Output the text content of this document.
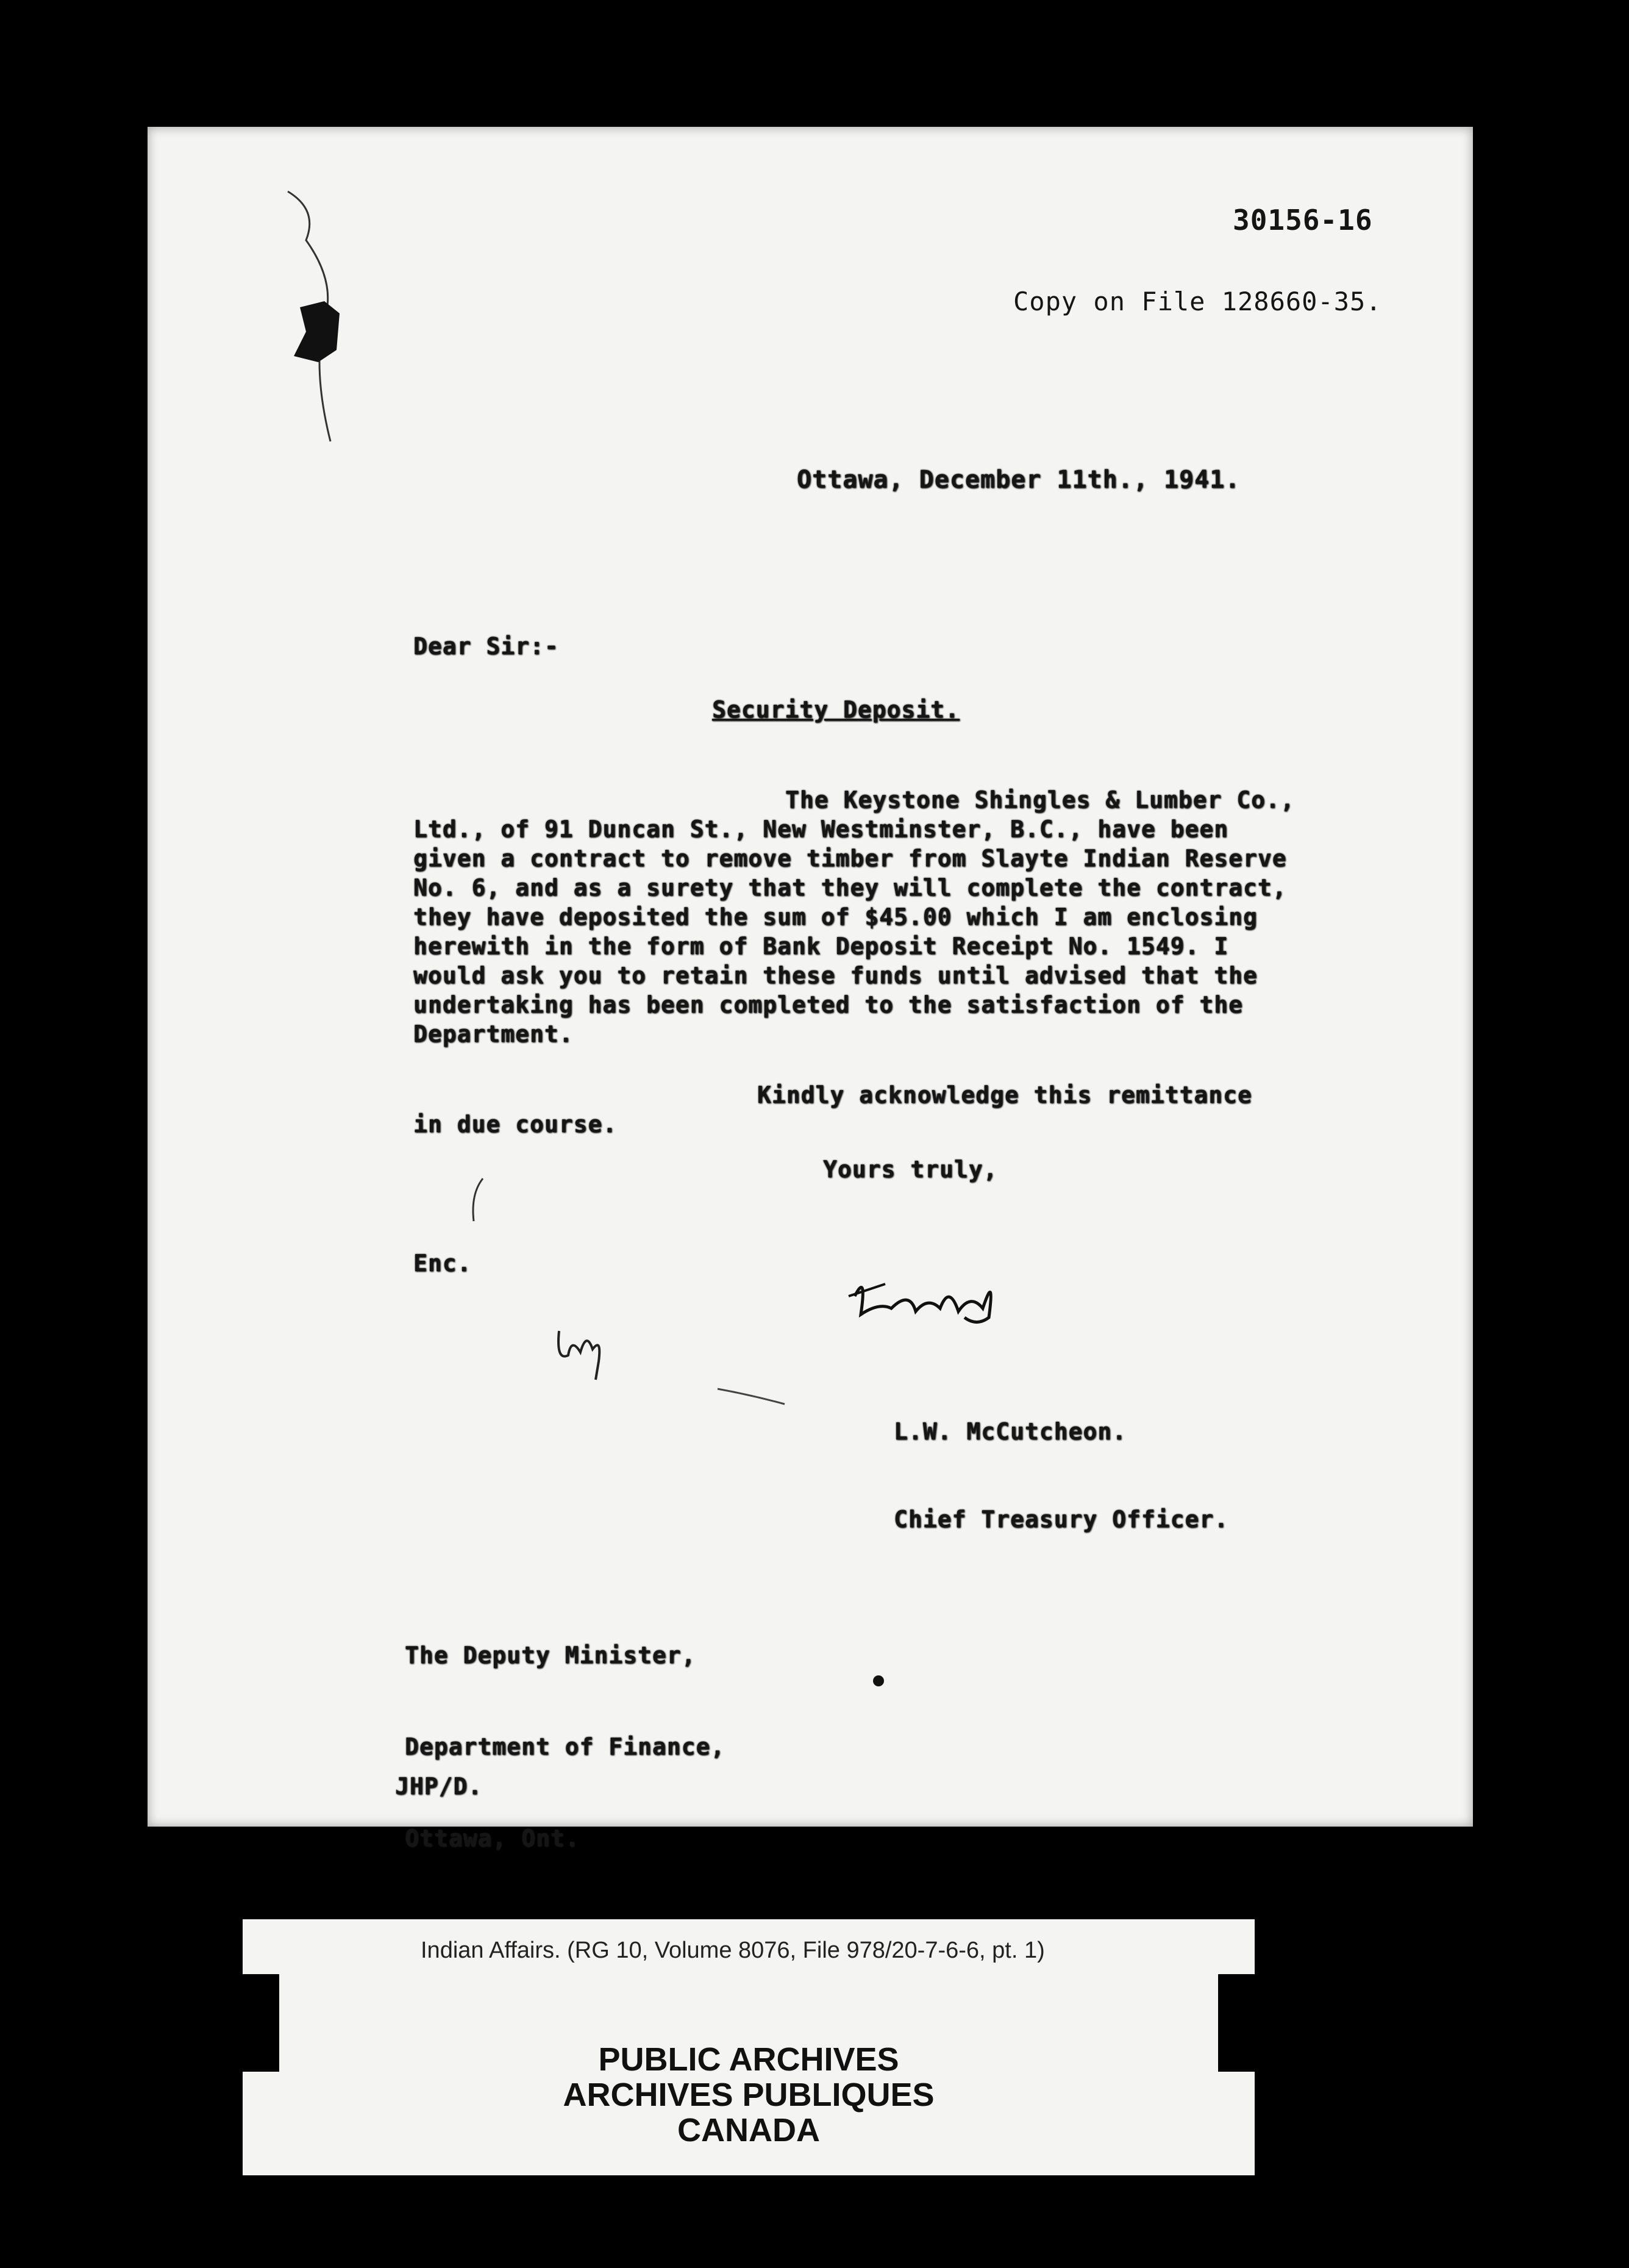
30156-16
Copy on File 128660-35.
Ottawa, December 11th., 1941.
Dear Sir:-
Security Deposit.
The Keystone Shingles & Lumber Co.,
Ltd., of 91 Duncan St., New Westminster, B.C., have been
given a contract to remove timber from Slayte Indian Reserve
No. 6, and as a surety that they will complete the contract,
they have deposited the sum of $45.00 which I am enclosing
herewith in the form of Bank Deposit Receipt No. 1549. I
would ask you to retain these funds until advised that the
undertaking has been completed to the satisfaction of the
Department.
Kindly acknowledge this remittance
in due course.
Yours truly,
Enc.

L.W. McCutcheon.

Chief Treasury Officer.

The Deputy Minister,

Department of Finance,

Ottawa, Ont.

JHP/D.
Indian Affairs. (RG 10, Volume 8076, File 978/20-7-6-6, pt. 1)
PUBLIC ARCHIVES
ARCHIVES PUBLIQUES
CANADA
